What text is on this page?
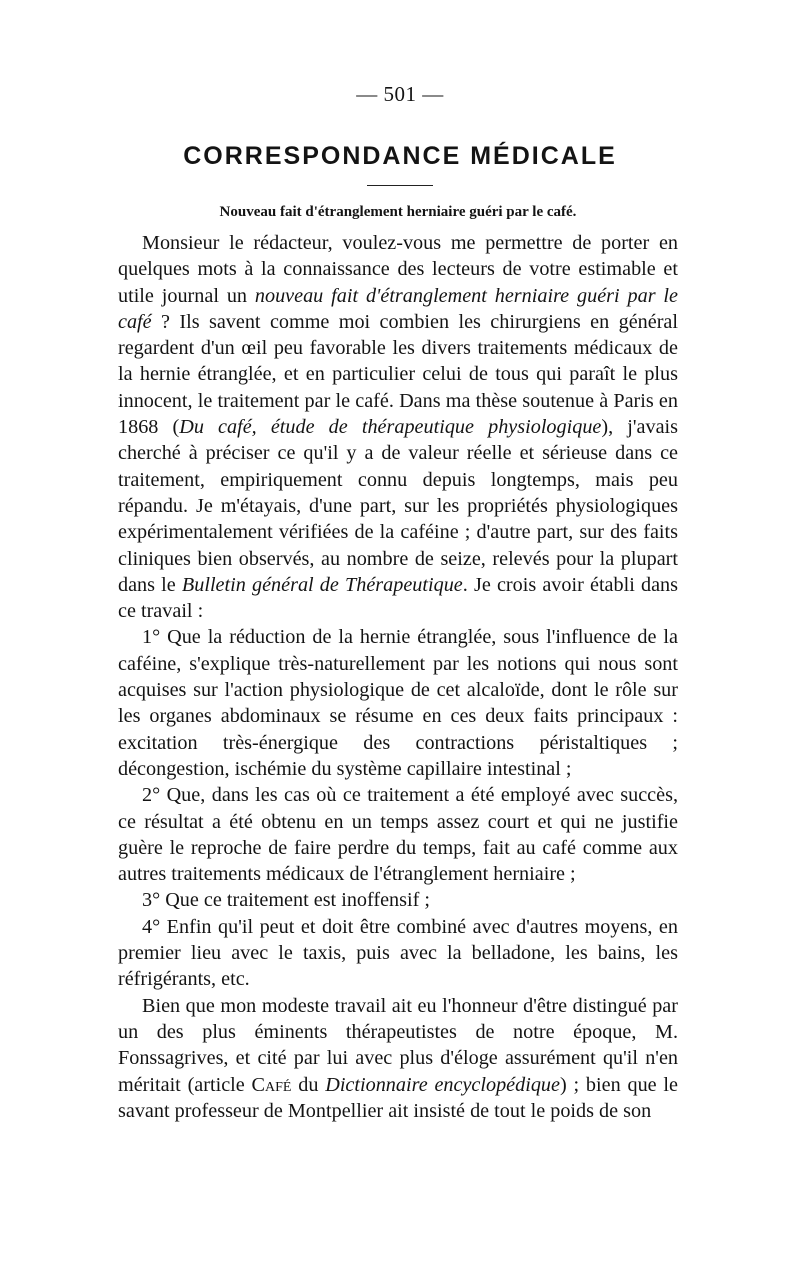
— 501 —
CORRESPONDANCE MÉDICALE
Nouveau fait d'étranglement herniaire guéri par le café.

Monsieur le rédacteur, voulez-vous me permettre de porter en quelques mots à la connaissance des lecteurs de votre estimable et utile journal un nouveau fait d'étranglement herniaire guéri par le café ? Ils savent comme moi combien les chirurgiens en général regardent d'un œil peu favorable les divers traitements médicaux de la hernie étranglée, et en particulier celui de tous qui paraît le plus innocent, le traitement par le café. Dans ma thèse soutenue à Paris en 1868 (Du café, étude de thérapeutique physiologique), j'avais cherché à préciser ce qu'il y a de valeur réelle et sérieuse dans ce traitement, empiriquement connu depuis longtemps, mais peu répandu. Je m'étayais, d'une part, sur les propriétés physiologiques expérimentalement vérifiées de la caféine ; d'autre part, sur des faits cliniques bien observés, au nombre de seize, relevés pour la plupart dans le Bulletin général de Thérapeutique. Je crois avoir établi dans ce travail :

1° Que la réduction de la hernie étranglée, sous l'influence de la caféine, s'explique très-naturellement par les notions qui nous sont acquises sur l'action physiologique de cet alcaloïde, dont le rôle sur les organes abdominaux se résume en ces deux faits principaux : excitation très-énergique des contractions péristaltiques ; décongestion, ischémie du système capillaire intestinal ;

2° Que, dans les cas où ce traitement a été employé avec succès, ce résultat a été obtenu en un temps assez court et qui ne justifie guère le reproche de faire perdre du temps, fait au café comme aux autres traitements médicaux de l'étranglement herniaire ;

3° Que ce traitement est inoffensif ;

4° Enfin qu'il peut et doit être combiné avec d'autres moyens, en premier lieu avec le taxis, puis avec la belladone, les bains, les réfrigérants, etc.

Bien que mon modeste travail ait eu l'honneur d'être distingué par un des plus éminents thérapeutistes de notre époque, M. Fonssagrives, et cité par lui avec plus d'éloge assurément qu'il n'en méritait (article Café du Dictionnaire encyclopédique) ; bien que le savant professeur de Montpellier ait insisté de tout le poids de son
